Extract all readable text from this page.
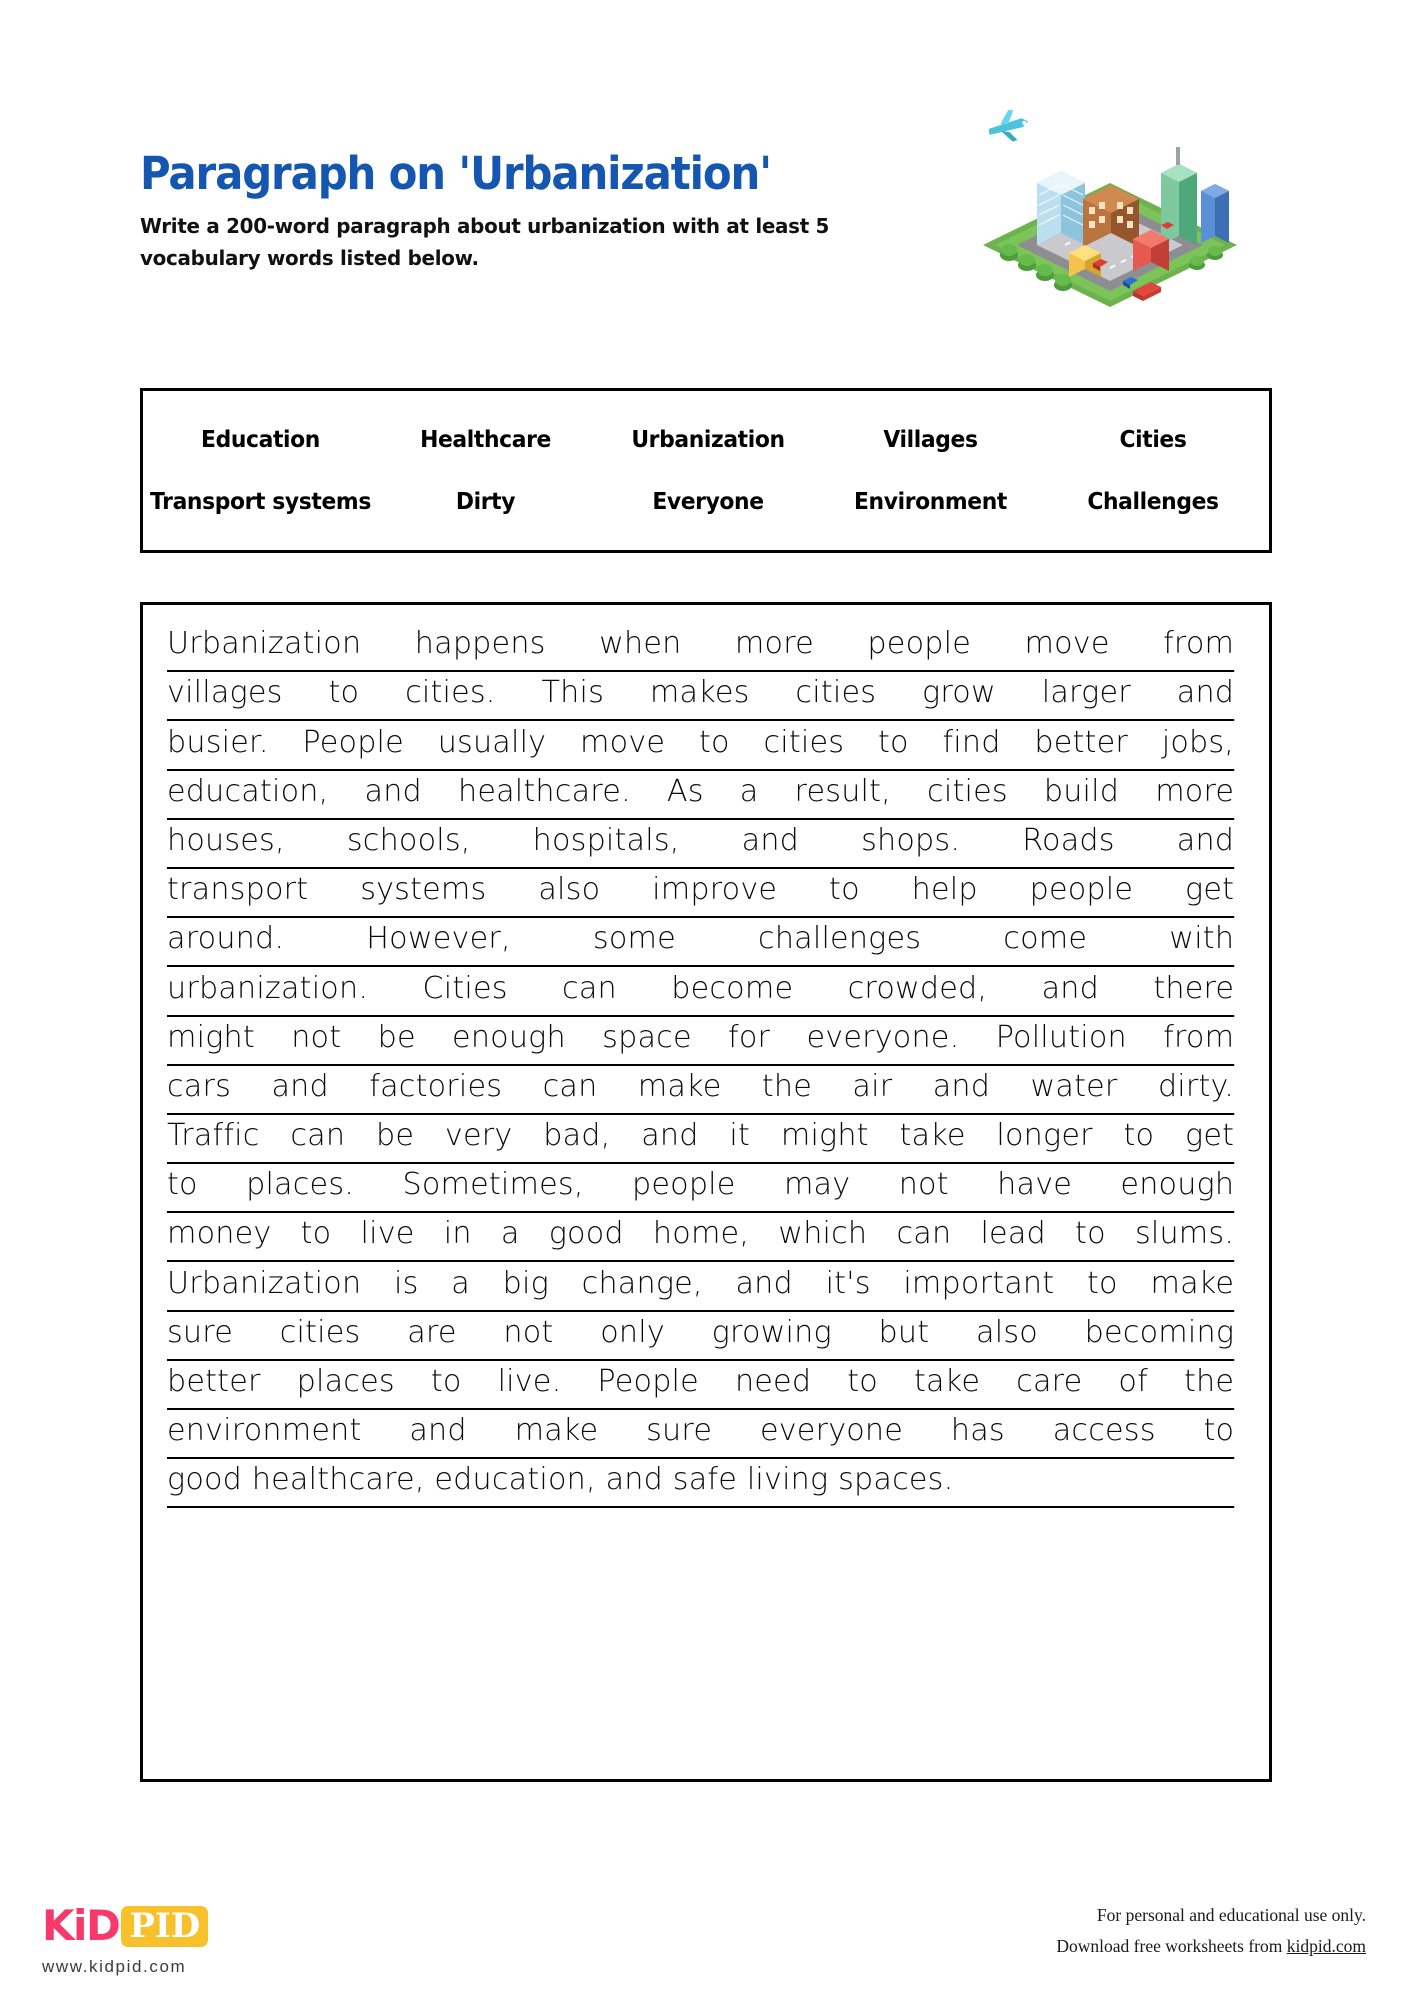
Paragraph on 'Urbanization'

Write a 200-word paragraph about urbanization with at least 5 vocabulary words listed below.

Education	Healthcare	Urbanization	Villages	Cities
Transport systems	Dirty	Everyone	Environment	Challenges
Urbanization happens when more people move from
villages to cities. This makes cities grow larger and
busier. People usually move to cities to find better jobs,
education, and healthcare. As a result, cities build more
houses, schools, hospitals, and shops. Roads and
transport systems also improve to help people get
around.	However,	some	challenges	come	with
urbanization. Cities can become crowded, and there
might not be enough space for everyone. Pollution from
cars and factories can make the air and water dirty.
Traffic can be very bad, and it might take longer to get
to places. Sometimes, people may not have enough
money to live in a good home, which can lead to slums.
Urbanization is a big change, and it's important to make
sure cities are not only growing but also becoming
better places to live. People need to take care of the
environment and make sure everyone has access to
good healthcare, education, and safe living spaces.
KiD PID
www.kidpid.com
For personal and educational use only.
Download free worksheets from kidpid.com
